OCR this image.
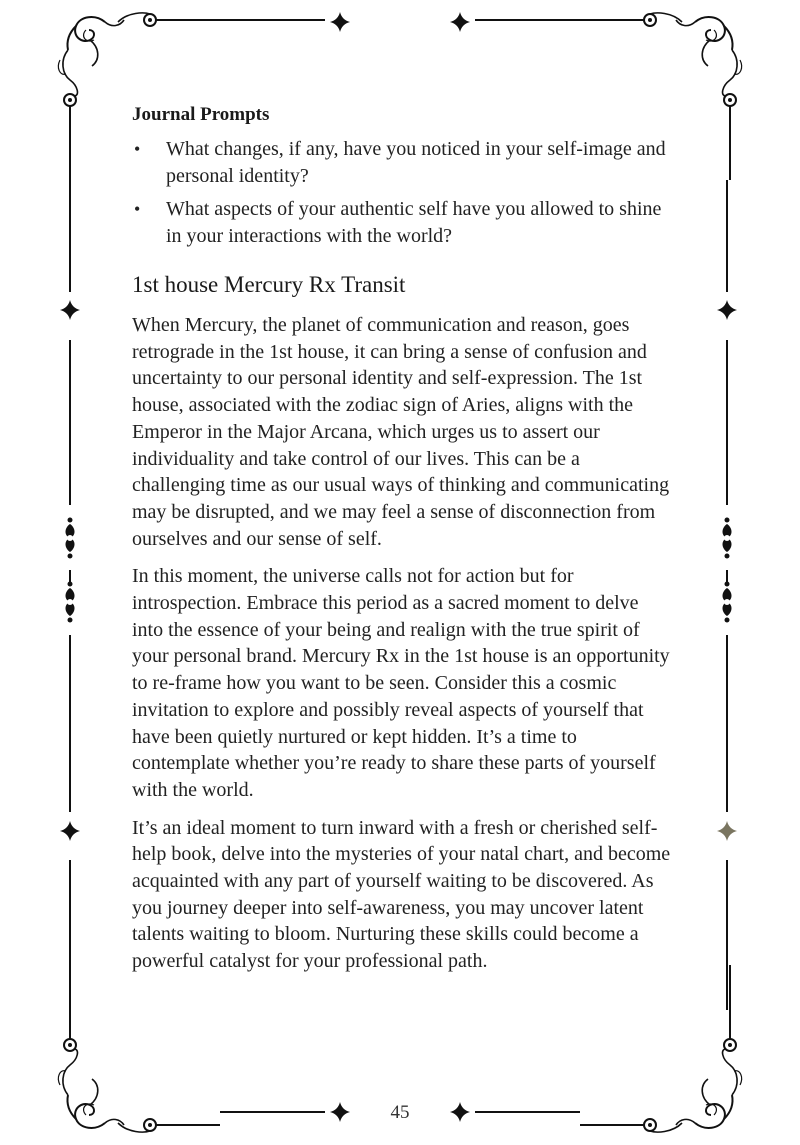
Journal Prompts
• What changes, if any, have you noticed in your self-image and personal identity?
• What aspects of your authentic self have you allowed to shine in your interactions with the world?
1st house Mercury Rx Transit

When Mercury, the planet of communication and reason, goes retrograde in the 1st house, it can bring a sense of confusion and uncertainty to our personal identity and self-expression. The 1st house, associated with the zodiac sign of Aries, aligns with the Emperor in the Major Arcana, which urges us to assert our individuality and take control of our lives. This can be a challenging time as our usual ways of thinking and communicating may be disrupted, and we may feel a sense of disconnection from ourselves and our sense of self.

In this moment, the universe calls not for action but for introspection. Embrace this period as a sacred moment to delve into the essence of your being and realign with the true spirit of your personal brand. Mercury Rx in the 1st house is an opportunity to re-frame how you want to be seen. Consider this a cosmic invitation to explore and possibly reveal aspects of yourself that have been quietly nurtured or kept hidden. It’s a time to contemplate whether you’re ready to share these parts of yourself with the world.

It’s an ideal moment to turn inward with a fresh or cherished self-help book, delve into the mysteries of your natal chart, and become acquainted with any part of yourself waiting to be discovered. As you journey deeper into self-awareness, you may uncover latent talents waiting to bloom. Nurturing these skills could become a powerful catalyst for your professional path.

45
